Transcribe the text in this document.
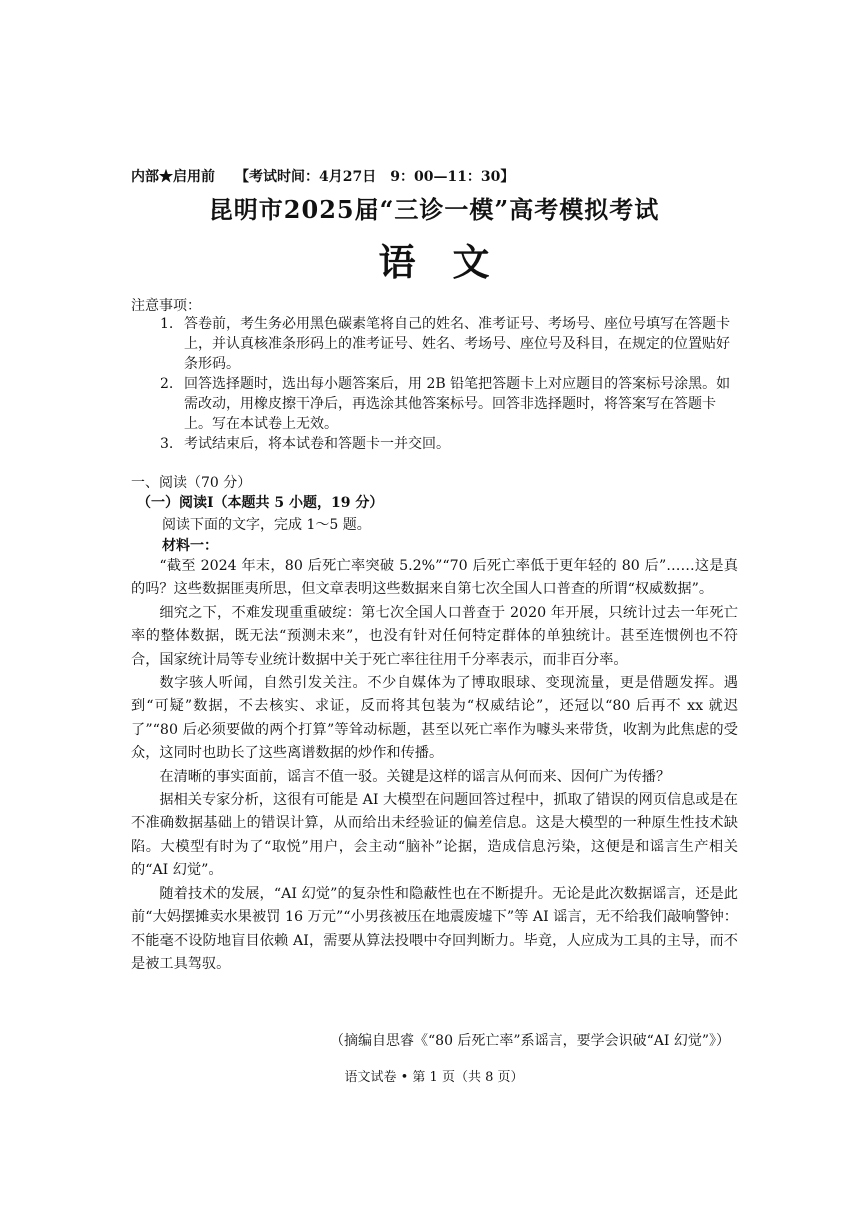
内部★启用前 【考试时间：4月27日　9：00—11：30】
昆明市2025届“三诊一模”高考模拟考试
语　文
注意事项：
1. 答卷前，考生务必用黑色碳素笔将自己的姓名、准考证号、考场号、座位号填写在答题卡上，并认真核准条形码上的准考证号、姓名、考场号、座位号及科目，在规定的位置贴好条形码。
2. 回答选择题时，选出每小题答案后，用 2B 铅笔把答题卡上对应题目的答案标号涂黑。如需改动，用橡皮擦干净后，再选涂其他答案标号。回答非选择题时，将答案写在答题卡上。写在本试卷上无效。
3. 考试结束后，将本试卷和答题卡一并交回。
一、阅读（70 分）
（一）阅读Ⅰ（本题共 5 小题，19 分）
阅读下面的文字，完成 1～5 题。
材料一：

“截至 2024 年末，80 后死亡率突破 5.2%”“70 后死亡率低于更年轻的 80 后”……这是真的吗？这些数据匪夷所思，但文章表明这些数据来自第七次全国人口普查的所谓“权威数据”。

细究之下，不难发现重重破绽：第七次全国人口普查于 2020 年开展，只统计过去一年死亡率的整体数据，既无法“预测未来”，也没有针对任何特定群体的单独统计。甚至连惯例也不符合，国家统计局等专业统计数据中关于死亡率往往用千分率表示，而非百分率。

数字骇人听闻，自然引发关注。不少自媒体为了博取眼球、变现流量，更是借题发挥。遇到“可疑”数据，不去核实、求证，反而将其包装为“权威结论”，还冠以“80 后再不 xx 就迟了”“80 后必须要做的两个打算”等耸动标题，甚至以死亡率作为噱头来带货，收割为此焦虑的受众，这同时也助长了这些离谱数据的炒作和传播。

在清晰的事实面前，谣言不值一驳。关键是这样的谣言从何而来、因何广为传播？

据相关专家分析，这很有可能是 AI 大模型在问题回答过程中，抓取了错误的网页信息或是在不准确数据基础上的错误计算，从而给出未经验证的偏差信息。这是大模型的一种原生性技术缺陷。大模型有时为了“取悦”用户，会主动“脑补”论据，造成信息污染，这便是和谣言生产相关的“AI 幻觉”。

随着技术的发展，“AI 幻觉”的复杂性和隐蔽性也在不断提升。无论是此次数据谣言，还是此前“大妈摆摊卖水果被罚 16 万元”“小男孩被压在地震废墟下”等 AI 谣言，无不给我们敲响警钟：不能毫不设防地盲目依赖 AI，需要从算法投喂中夺回判断力。毕竟，人应成为工具的主导，而不是被工具驾驭。

（摘编自思睿《“80 后死亡率”系谣言，要学会识破“AI 幻觉”》）
语文试卷 • 第 1 页（共 8 页）
